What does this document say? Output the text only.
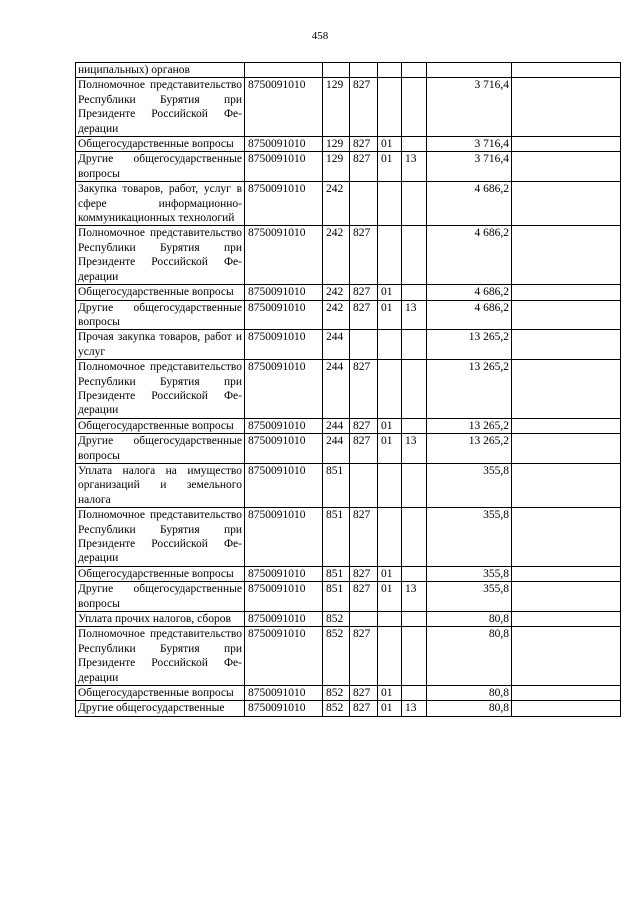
458
ниципальных) органов							
Полномочное представительство Республики Бурятия при Президенте Российской Федерации	8750091010	129	827			3 716,4	
Общегосударственные вопросы	8750091010	129	827	01		3 716,4	
Другие общегосударственные вопросы	8750091010	129	827	01	13	3 716,4	
Закупка товаров, работ, услуг в сфере информационно-коммуникационных технологий	8750091010	242				4 686,2	
Полномочное представительство Республики Бурятия при Президенте Российской Федерации	8750091010	242	827			4 686,2	
Общегосударственные вопросы	8750091010	242	827	01		4 686,2	
Другие общегосударственные вопросы	8750091010	242	827	01	13	4 686,2	
Прочая закупка товаров, работ и услуг	8750091010	244				13 265,2	
Полномочное представительство Республики Бурятия при Президенте Российской Федерации	8750091010	244	827			13 265,2	
Общегосударственные вопросы	8750091010	244	827	01		13 265,2	
Другие общегосударственные вопросы	8750091010	244	827	01	13	13 265,2	
Уплата налога на имущество организаций и земельного налога	8750091010	851				355,8	
Полномочное представительство Республики Бурятия при Президенте Российской Федерации	8750091010	851	827			355,8	
Общегосударственные вопросы	8750091010	851	827	01		355,8	
Другие общегосударственные вопросы	8750091010	851	827	01	13	355,8	
Уплата прочих налогов, сборов	8750091010	852				80,8	
Полномочное представительство Республики Бурятия при Президенте Российской Федерации	8750091010	852	827			80,8	
Общегосударственные вопросы	8750091010	852	827	01		80,8	
Другие общегосударственные	8750091010	852	827	01	13	80,8	
